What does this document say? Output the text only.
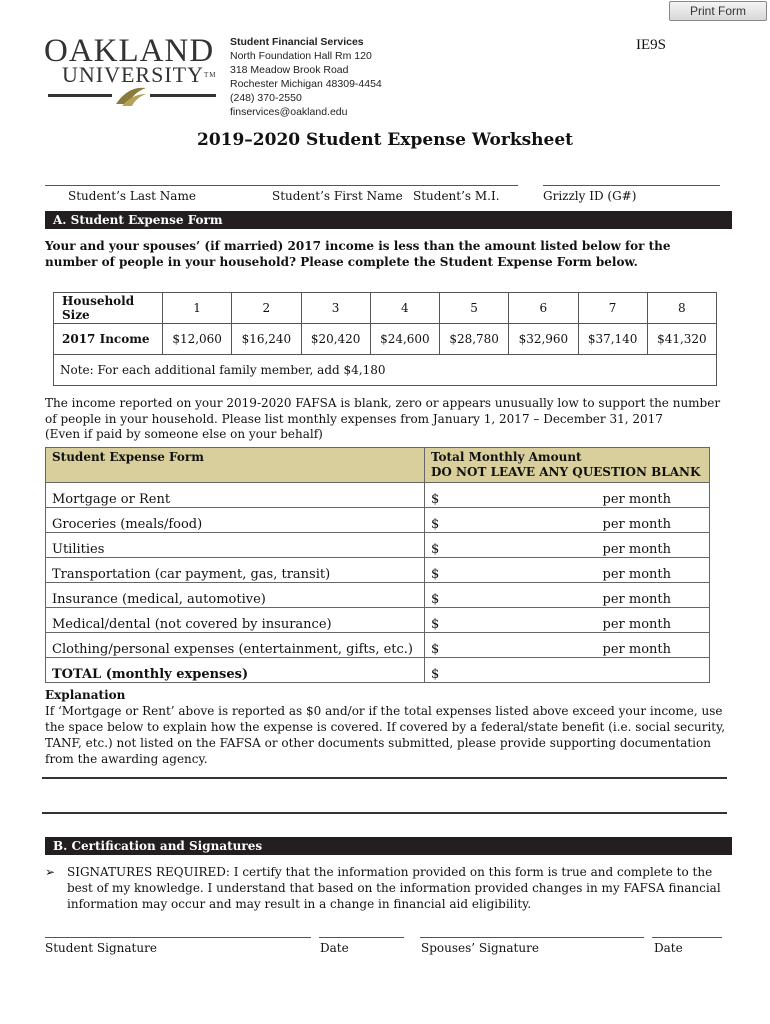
Print Form
OAKLAND
UNIVERSITY™
Student Financial Services
North Foundation Hall Rm 120
318 Meadow Brook Road
Rochester Michigan 48309-4454
(248) 370-2550
finservices@oakland.edu
IE9S
2019–2020 Student Expense Worksheet
Student’s Last Name	Student’s First Name Student’s M.I.	Grizzly ID (G#)
A. Student Expense Form
Your and your spouses’ (if married) 2017 income is less than the amount listed below for the number of people in your household? Please complete the Student Expense Form below.
Household Size	1	2	3	4	5	6	7	8
2017 Income	$12,060	$16,240	$20,420	$24,600	$28,780	$32,960	$37,140	$41,320
Note: For each additional family member, add $4,180								
The income reported on your 2019-2020 FAFSA is blank, zero or appears unusually low to support the number of people in your household. Please list monthly expenses from January 1, 2017 – December 31, 2017
(Even if paid by someone else on your behalf)
Student Expense Form	Total Monthly Amount
DO NOT LEAVE ANY QUESTION BLANK

Mortgage or Rent	$ per month

Groceries (meals/food)	$ per month

Utilities	$ per month

Transportation (car payment, gas, transit)	$ per month

Insurance (medical, automotive)	$ per month

Medical/dental (not covered by insurance)	$ per month

Clothing/personal expenses (entertainment, gifts, etc.)	$ per month

TOTAL (monthly expenses)	$
Explanation
If ‘Mortgage or Rent’ above is reported as $0 and/or if the total expenses listed above exceed your income, use the space below to explain how the expense is covered. If covered by a federal/state benefit (i.e. social security, TANF, etc.) not listed on the FAFSA or other documents submitted, please provide supporting documentation from the awarding agency.
B. Certification and Signatures
➢ SIGNATURES REQUIRED: I certify that the information provided on this form is true and complete to the best of my knowledge. I understand that based on the information provided changes in my FAFSA financial information may occur and may result in a change in financial aid eligibility.
Student Signature	Date	Spouses’ Signature	Date
